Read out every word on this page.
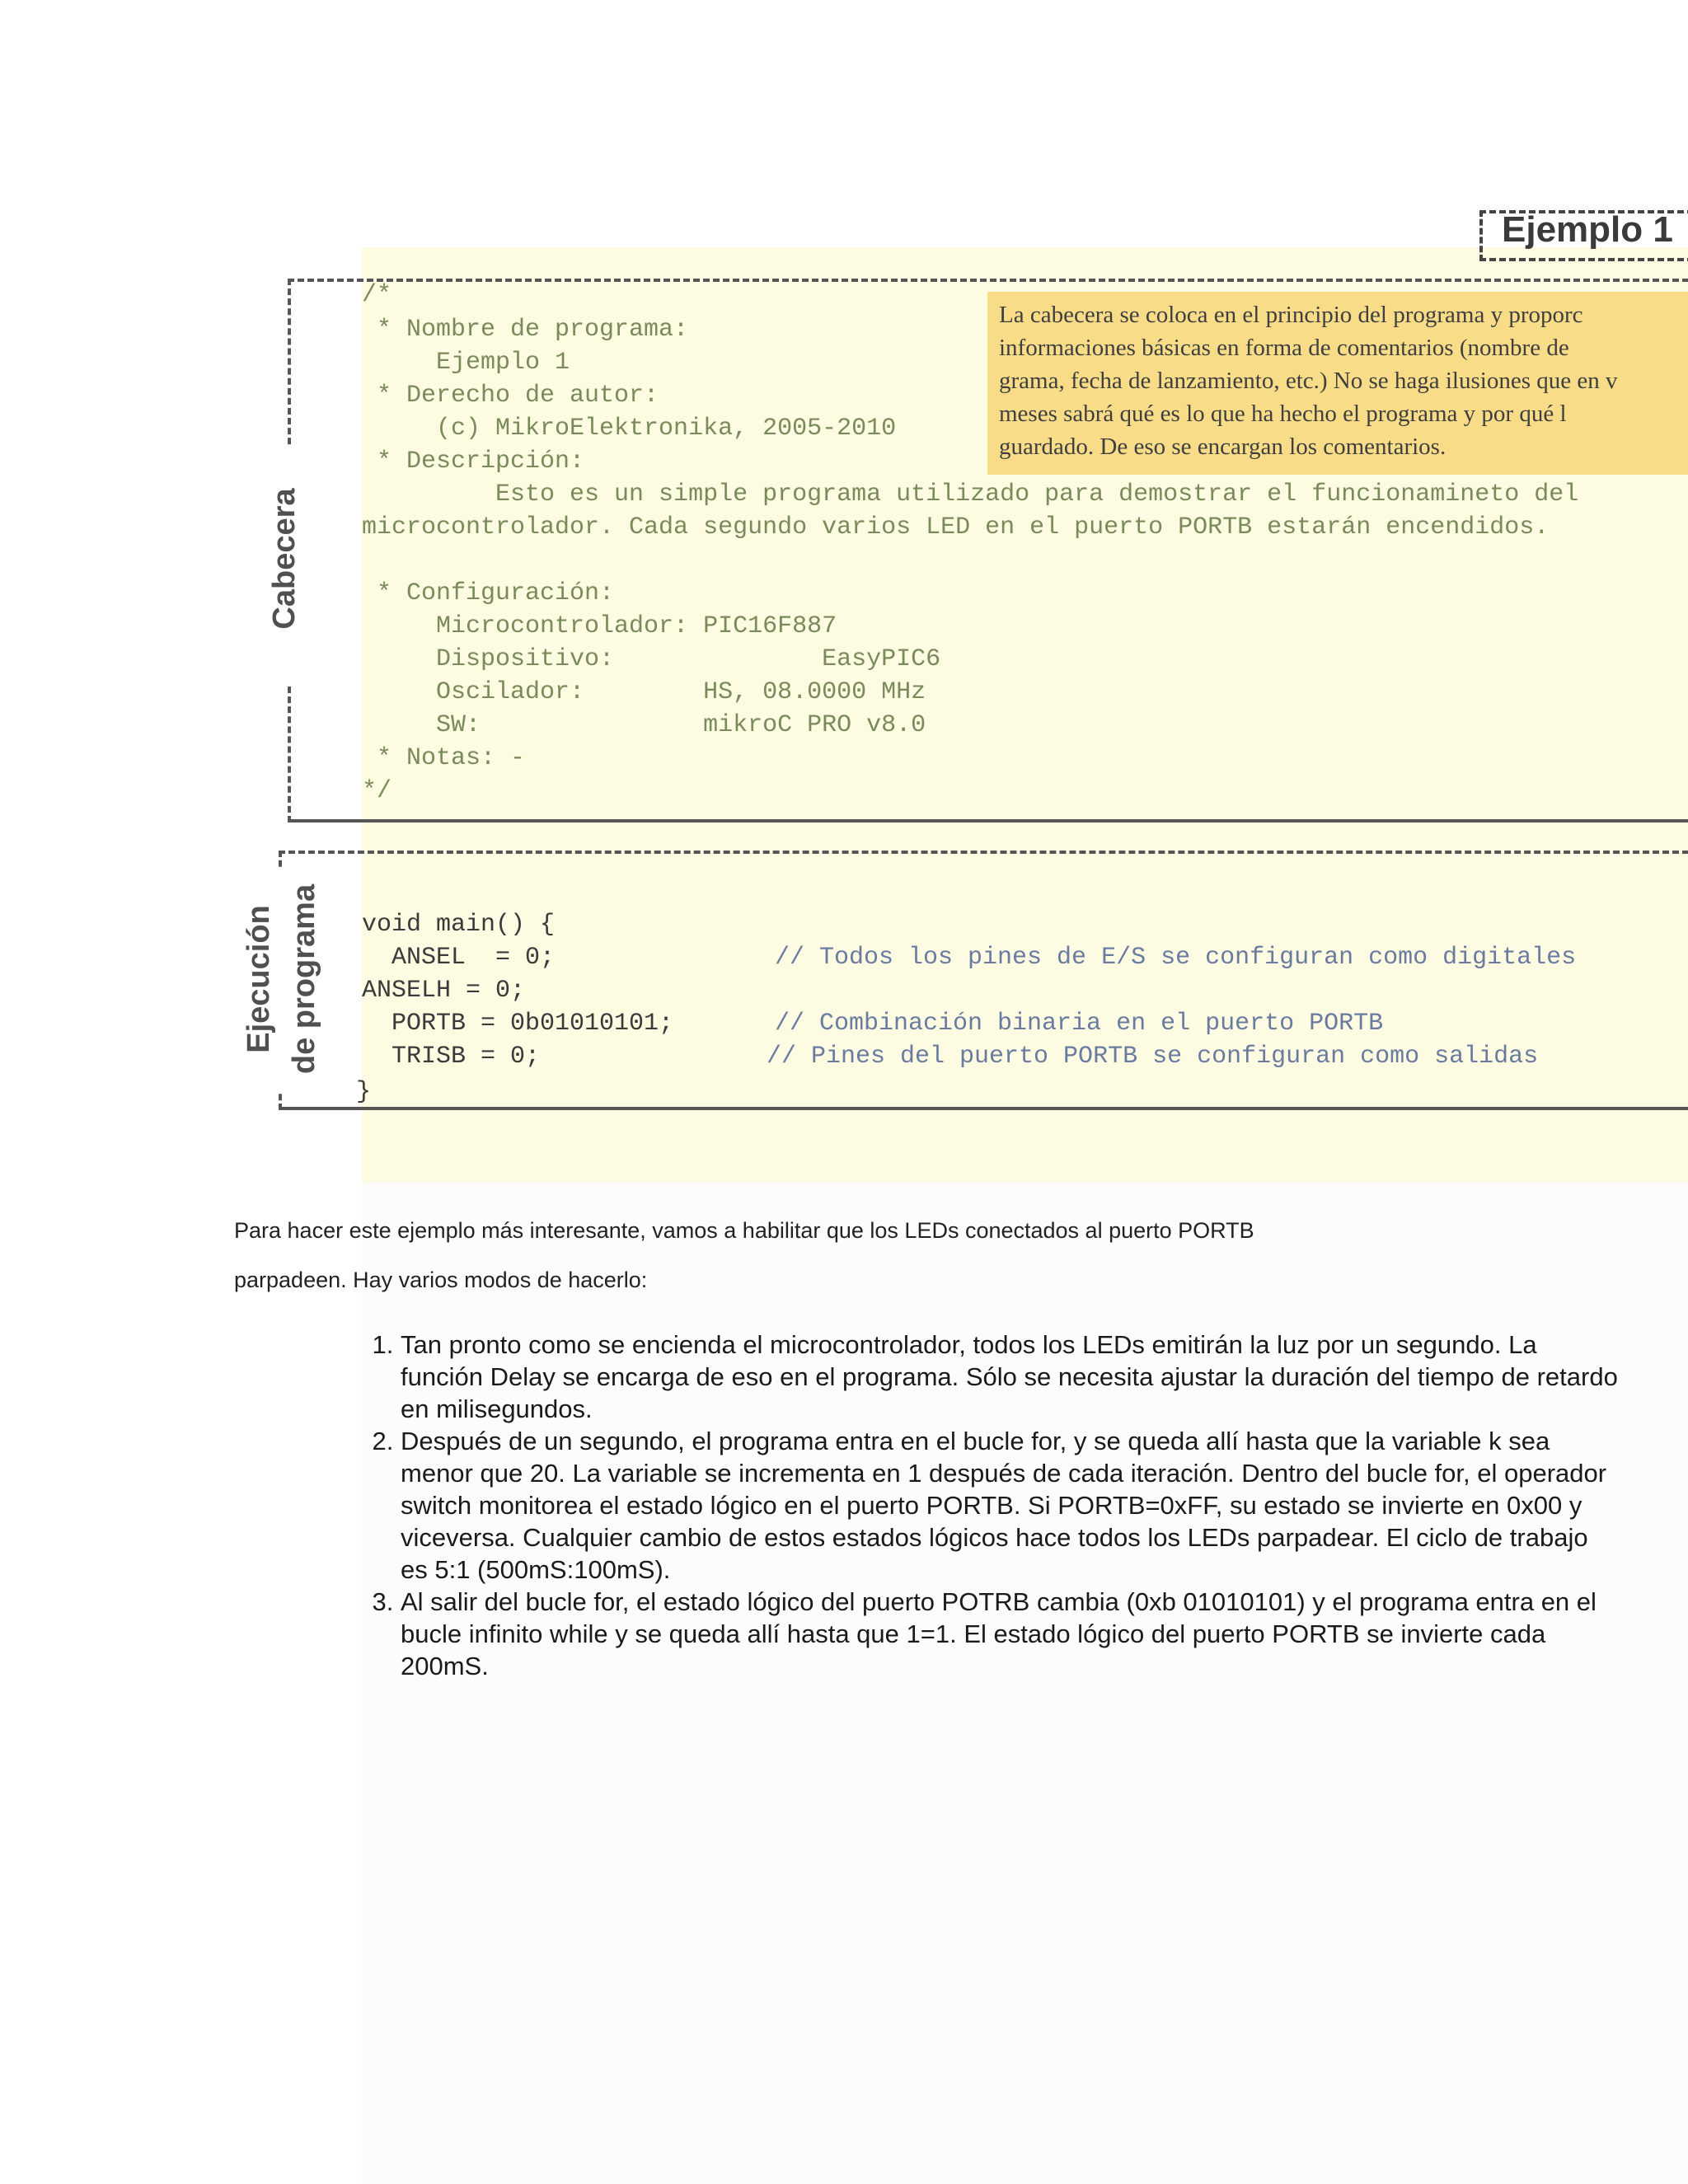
Ejemplo 1
Cabecera
Ejecución de programa
/*
* Nombre de programa:
Ejemplo 1
* Derecho de autor:
(c) MikroElektronika, 2005-2010
* Descripción:
Esto es un simple programa utilizado para demostrar el funcionamineto del
microcontrolador. Cada segundo varios LED en el puerto PORTB estarán encendidos.
* Configuración:
Microcontrolador: PIC16F887
Dispositivo:              EasyPIC6
Oscilador:        HS, 08.0000 MHz
SW:               mikroC PRO v8.0
* Notas: -
*/
La cabecera se coloca en el principio del programa y proporc
informaciones básicas en forma de comentarios (nombre de
grama, fecha de lanzamiento, etc.) No se haga ilusiones que en v
meses sabrá qué es lo que ha hecho el programa y por qué l
guardado. De eso se encargan los comentarios.
void main() {
ANSEL  = 0;	// Todos los pines de E/S se configuran como digitales
ANSELH = 0;
PORTB = 0b01010101;	// Combinación binaria en el puerto PORTB
TRISB = 0;	// Pines del puerto PORTB se configuran como salidas
}
Para hacer este ejemplo más interesante, vamos a habilitar que los LEDs conectados al puerto PORTB
parpadeen. Hay varios modos de hacerlo:
1. Tan pronto como se encienda el microcontrolador, todos los LEDs emitirán la luz por un segundo. La función Delay se encarga de eso en el programa. Sólo se necesita ajustar la duración del tiempo de retardo en milisegundos.
2. Después de un segundo, el programa entra en el bucle for, y se queda allí hasta que la variable k sea menor que 20. La variable se incrementa en 1 después de cada iteración. Dentro del bucle for, el operador switch monitorea el estado lógico en el puerto PORTB. Si PORTB=0xFF, su estado se invierte en 0x00 y viceversa. Cualquier cambio de estos estados lógicos hace todos los LEDs parpadear. El ciclo de trabajo es 5:1 (500mS:100mS).
3. Al salir del bucle for, el estado lógico del puerto POTRB cambia (0xb 01010101) y el programa entra en el bucle infinito while y se queda allí hasta que 1=1. El estado lógico del puerto PORTB se invierte cada 200mS.
